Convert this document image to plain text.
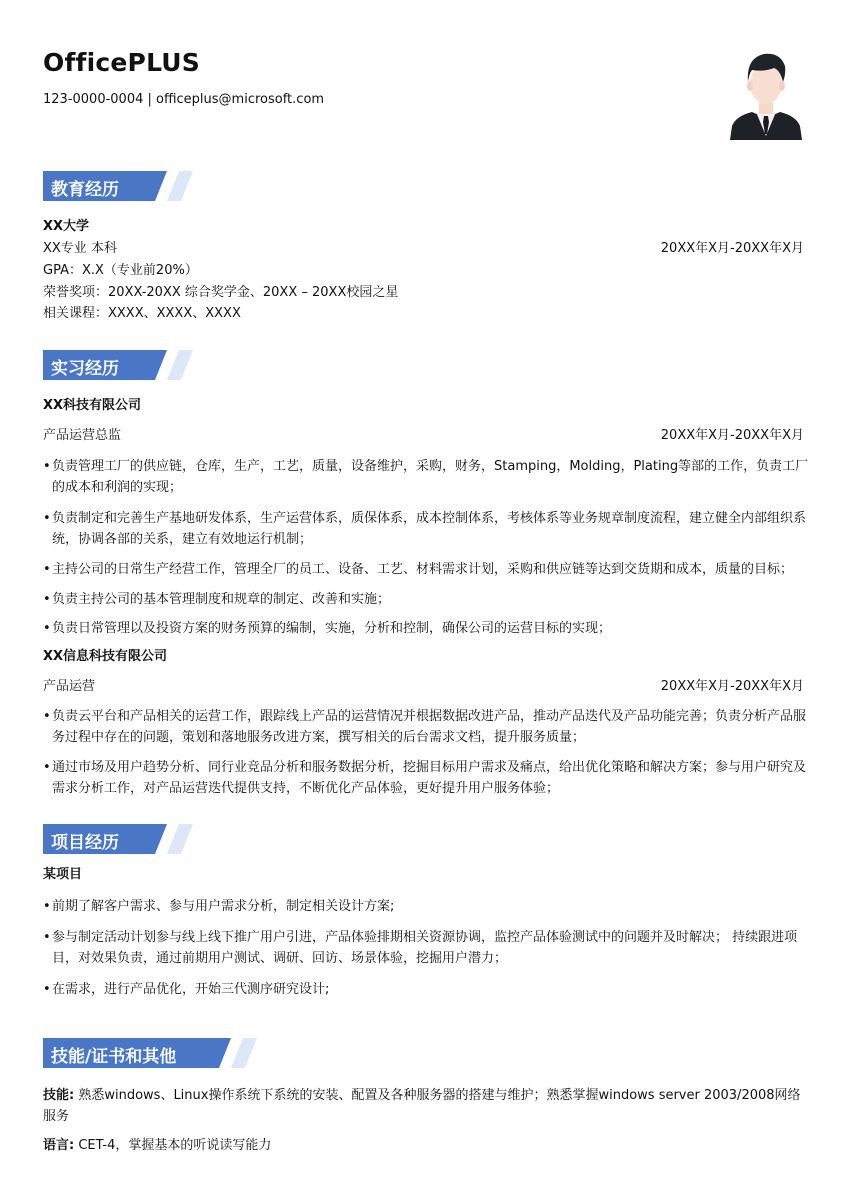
OfficePLUS
123-0000-0004 | officeplus@microsoft.com
教育经历
XX大学
XX专业 本科	20XX年X月-20XX年X月
GPA：X.X（专业前20%）
荣誉奖项：20XX-20XX 综合奖学金、20XX – 20XX校园之星
相关课程：XXXX、XXXX、XXXX
实习经历
XX科技有限公司
产品运营总监	20XX年X月-20XX年X月
• 负责管理工厂的供应链，仓库，生产，工艺，质量，设备维护，采购，财务，Stamping，Molding，Plating等部的工作，负责工厂的成本和利润的实现；
• 负责制定和完善生产基地研发体系，生产运营体系，质保体系，成本控制体系，考核体系等业务规章制度流程，建立健全内部组织系统，协调各部的关系，建立有效地运行机制；
• 主持公司的日常生产经营工作，管理全厂的员工、设备、工艺、材料需求计划，采购和供应链等达到交货期和成本，质量的目标；
• 负责主持公司的基本管理制度和规章的制定、改善和实施；
• 负责日常管理以及投资方案的财务预算的编制，实施，分析和控制，确保公司的运营目标的实现；
XX信息科技有限公司
产品运营	20XX年X月-20XX年X月
• 负责云平台和产品相关的运营工作，跟踪线上产品的运营情况并根据数据改进产品，推动产品迭代及产品功能完善；负责分析产品服务过程中存在的问题，策划和落地服务改进方案，撰写相关的后台需求文档，提升服务质量；
• 通过市场及用户趋势分析、同行业竞品分析和服务数据分析，挖掘目标用户需求及痛点，给出优化策略和解决方案；参与用户研究及需求分析工作，对产品运营迭代提供支持，不断优化产品体验，更好提升用户服务体验；
项目经历
某项目
• 前期了解客户需求、参与用户需求分析，制定相关设计方案;
• 参与制定活动计划参与线上线下推广用户引进，产品体验排期相关资源协调，监控产品体验测试中的问题并及时解决； 持续跟进项目，对效果负责，通过前期用户测试、调研、回访、场景体验，挖掘用户潜力；
• 在需求，进行产品优化，开始三代测序研究设计;
技能/证书和其他
技能: 熟悉windows、Linux操作系统下系统的安装、配置及各种服务器的搭建与维护；熟悉掌握windows server 2003/2008网络服务
语言: CET-4，掌握基本的听说读写能力
